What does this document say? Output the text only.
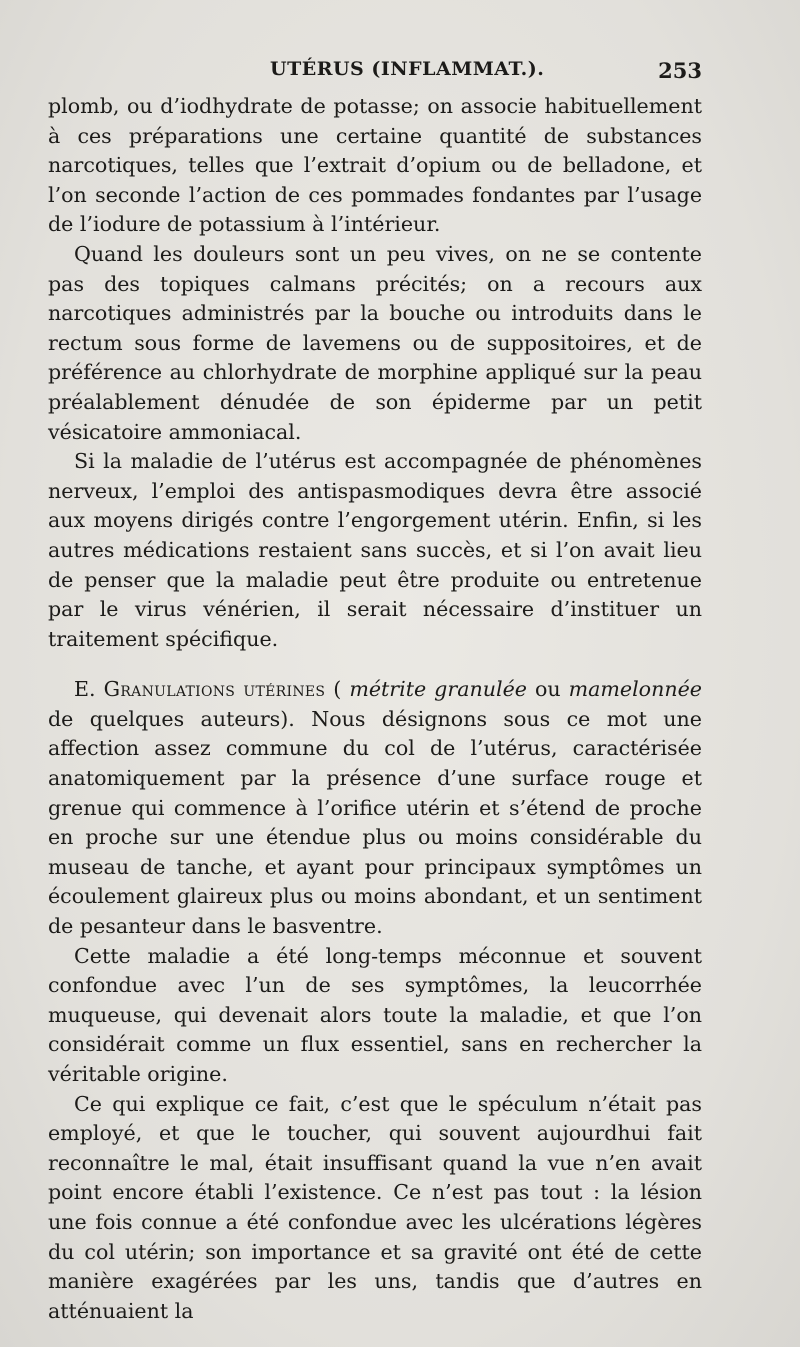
UTÉRUS (INFLAMMAT.).	253

plomb, ou d’iodhydrate de potasse; on associe habituellement à ces préparations une certaine quantité de substances narcotiques, telles que l’extrait d’opium ou de belladone, et l’on seconde l’action de ces pommades fondantes par l’usage de l’iodure de potassium à l’intérieur.

Quand les douleurs sont un peu vives, on ne se contente pas des topiques calmans précités; on a recours aux narcotiques administrés par la bouche ou introduits dans le rectum sous forme de lavemens ou de suppositoires, et de préférence au chlorhydrate de morphine appliqué sur la peau préalablement dénudée de son épiderme par un petit vésicatoire ammoniacal.

Si la maladie de l’utérus est accompagnée de phénomènes nerveux, l’emploi des antispasmodiques devra être associé aux moyens dirigés contre l’engorgement utérin. Enfin, si les autres médications restaient sans succès, et si l’on avait lieu de penser que la maladie peut être produite ou entretenue par le virus vénérien, il serait nécessaire d’instituer un traitement spécifique.

E. Granulations utérines ( métrite granulée ou mamelonnée de quelques auteurs). Nous désignons sous ce mot une affection assez commune du col de l’utérus, caractérisée anatomiquement par la présence d’une surface rouge et grenue qui commence à l’orifice utérin et s’étend de proche en proche sur une étendue plus ou moins considérable du museau de tanche, et ayant pour principaux symptômes un écoulement glaireux plus ou moins abondant, et un sentiment de pesanteur dans le basventre.

Cette maladie a été long-temps méconnue et souvent confondue avec l’un de ses symptômes, la leucorrhée muqueuse, qui devenait alors toute la maladie, et que l’on considérait comme un flux essentiel, sans en rechercher la véritable origine.

Ce qui explique ce fait, c’est que le spéculum n’était pas employé, et que le toucher, qui souvent aujourdhui fait reconnaître le mal, était insuffisant quand la vue n’en avait point encore établi l’existence. Ce n’est pas tout : la lésion une fois connue a été confondue avec les ulcérations légères du col utérin; son importance et sa gravité ont été de cette manière exagérées par les uns, tandis que d’autres en atténuaient la
